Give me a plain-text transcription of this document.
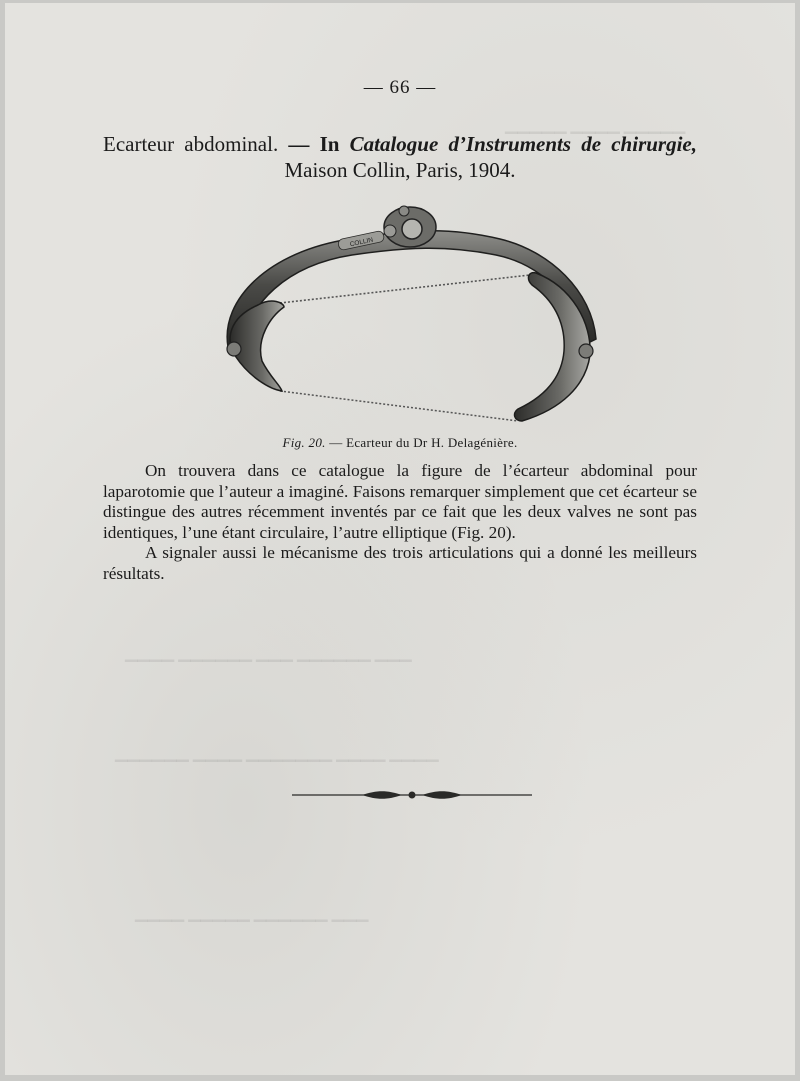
▁▁▁▁▁ ▁▁▁▁ ▁▁▁▁▁
▁▁▁▁ ▁▁▁▁▁▁ ▁▁▁ ▁▁▁▁▁▁ ▁▁▁
▁▁▁▁▁▁ ▁▁▁▁ ▁▁▁▁▁▁▁ ▁▁▁▁ ▁▁▁▁
▁▁▁▁ ▁▁▁▁▁ ▁▁▁▁▁▁ ▁▁▁
— 66 —
Ecarteur abdominal. — In Catalogue d’Instruments de chirurgie,
Maison Collin, Paris, 1904.
COLLIN
Fig. 20. — Ecarteur du Dr H. Delagénière.

On trouvera dans ce catalogue la figure de l’écarteur abdominal pour laparotomie que l’auteur a imaginé. Faisons remarquer simplement que cet écarteur se distingue des autres récemment inventés par ce fait que les deux valves ne sont pas identiques, l’une étant circulaire, l’autre elliptique (Fig. 20).

A signaler aussi le mécanisme des trois articulations qui a donné les meilleurs résultats.
